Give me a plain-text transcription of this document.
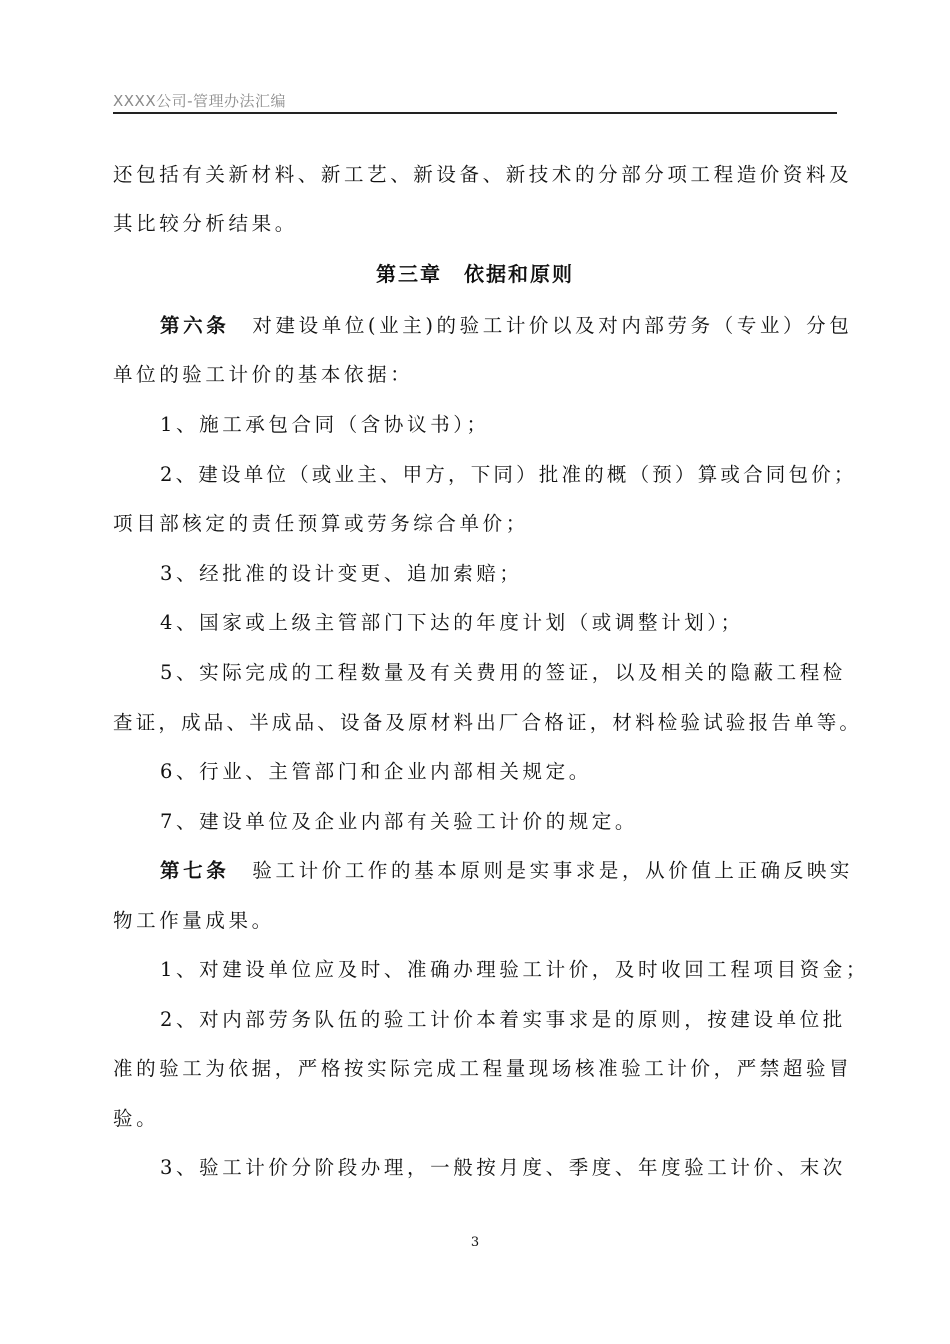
XXXX公司-管理办法汇编
还包括有关新材料、新工艺、新设备、新技术的分部分项工程造价资料及
其比较分析结果。
第三章　依据和原则
第六条　对建设单位(业主)的验工计价以及对内部劳务（专业）分包
单位的验工计价的基本依据：
1、施工承包合同（含协议书）；
2、建设单位（或业主、甲方，下同）批准的概（预）算或合同包价；
项目部核定的责任预算或劳务综合单价；
3、经批准的设计变更、追加索赔；
4、国家或上级主管部门下达的年度计划（或调整计划）；
5、实际完成的工程数量及有关费用的签证，以及相关的隐蔽工程检
查证，成品、半成品、设备及原材料出厂合格证，材料检验试验报告单等。
6、行业、主管部门和企业内部相关规定。
7、建设单位及企业内部有关验工计价的规定。
第七条　验工计价工作的基本原则是实事求是，从价值上正确反映实
物工作量成果。
1、对建设单位应及时、准确办理验工计价，及时收回工程项目资金；
2、对内部劳务队伍的验工计价本着实事求是的原则，按建设单位批
准的验工为依据，严格按实际完成工程量现场核准验工计价，严禁超验冒
验。
3、验工计价分阶段办理，一般按月度、季度、年度验工计价、末次
3
